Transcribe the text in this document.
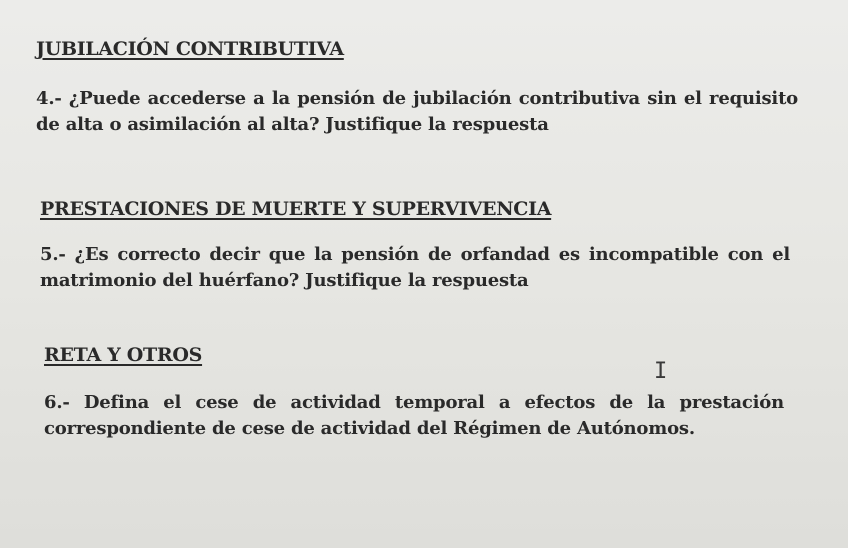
JUBILACIÓN CONTRIBUTIVA
4.- ¿Puede accederse a la pensión de jubilación contributiva sin el requisito de alta o asimilación al alta? Justifique la respuesta
PRESTACIONES DE MUERTE Y SUPERVIVENCIA
5.- ¿Es correcto decir que la pensión de orfandad es incompatible con el matrimonio del huérfano? Justifique la respuesta
RETA Y OTROS
6.- Defina el cese de actividad temporal a efectos de la prestación correspondiente de cese de actividad del Régimen de Autónomos.
I
